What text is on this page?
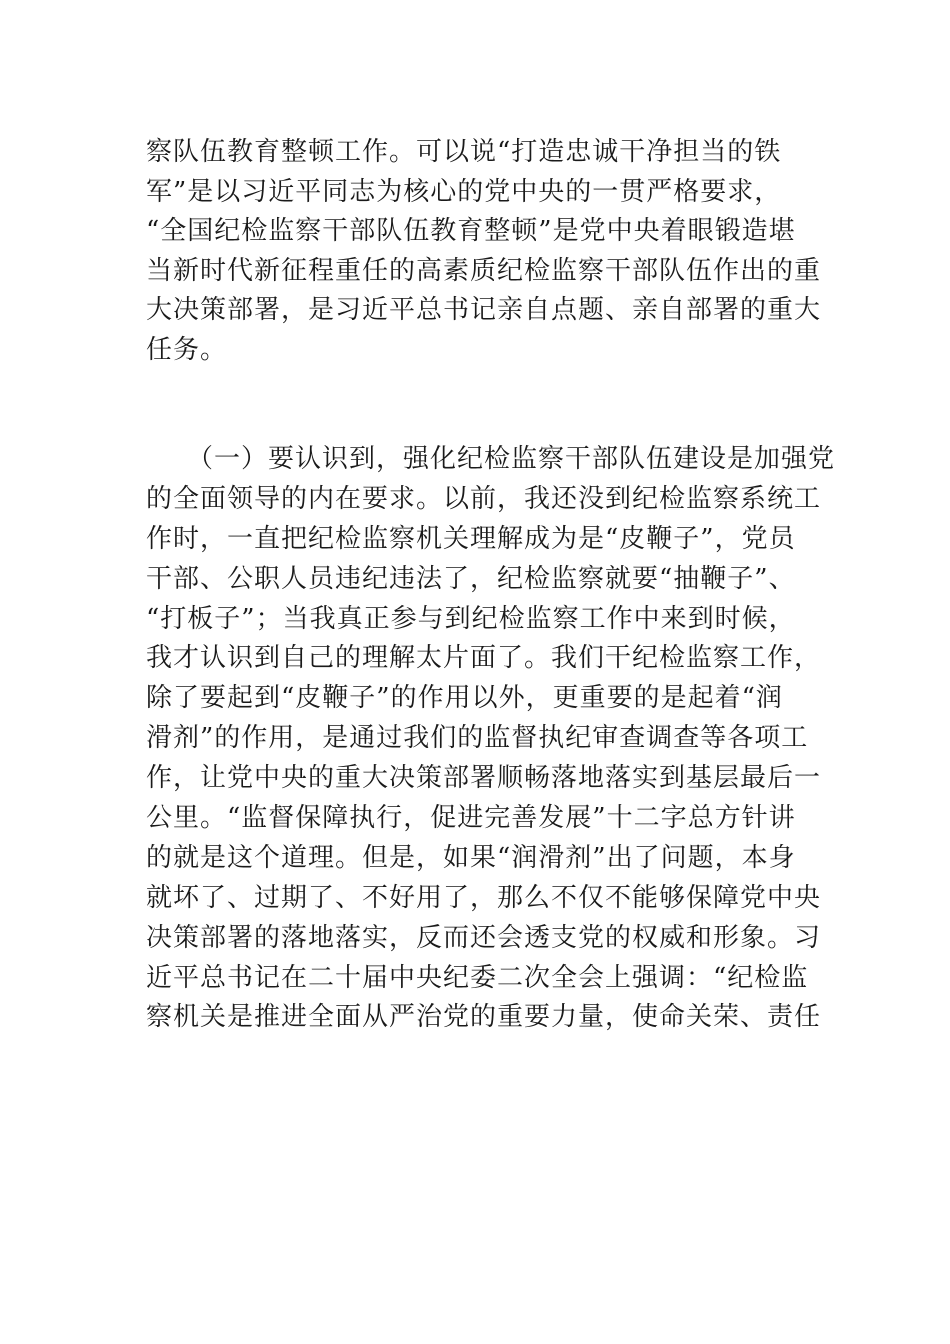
察队伍教育整顿工作。可以说“打造忠诚干净担当的铁
军”是以习近平同志为核心的党中央的一贯严格要求，
“全国纪检监察干部队伍教育整顿”是党中央着眼锻造堪
当新时代新征程重任的高素质纪检监察干部队伍作出的重
大决策部署，是习近平总书记亲自点题、亲自部署的重大
任务。
　　（一）要认识到，强化纪检监察干部队伍建设是加强党
的全面领导的内在要求。以前，我还没到纪检监察系统工
作时，一直把纪检监察机关理解成为是“皮鞭子”，党员
干部、公职人员违纪违法了，纪检监察就要“抽鞭子”、
“打板子”；当我真正参与到纪检监察工作中来到时候，
我才认识到自己的理解太片面了。我们干纪检监察工作，
除了要起到“皮鞭子”的作用以外，更重要的是起着“润
滑剂”的作用，是通过我们的监督执纪审查调查等各项工
作，让党中央的重大决策部署顺畅落地落实到基层最后一
公里。“监督保障执行，促进完善发展”十二字总方针讲
的就是这个道理。但是，如果“润滑剂”出了问题，本身
就坏了、过期了、不好用了，那么不仅不能够保障党中央
决策部署的落地落实，反而还会透支党的权威和形象。习
近平总书记在二十届中央纪委二次全会上强调：“纪检监
察机关是推进全面从严治党的重要力量，使命关荣、责任
